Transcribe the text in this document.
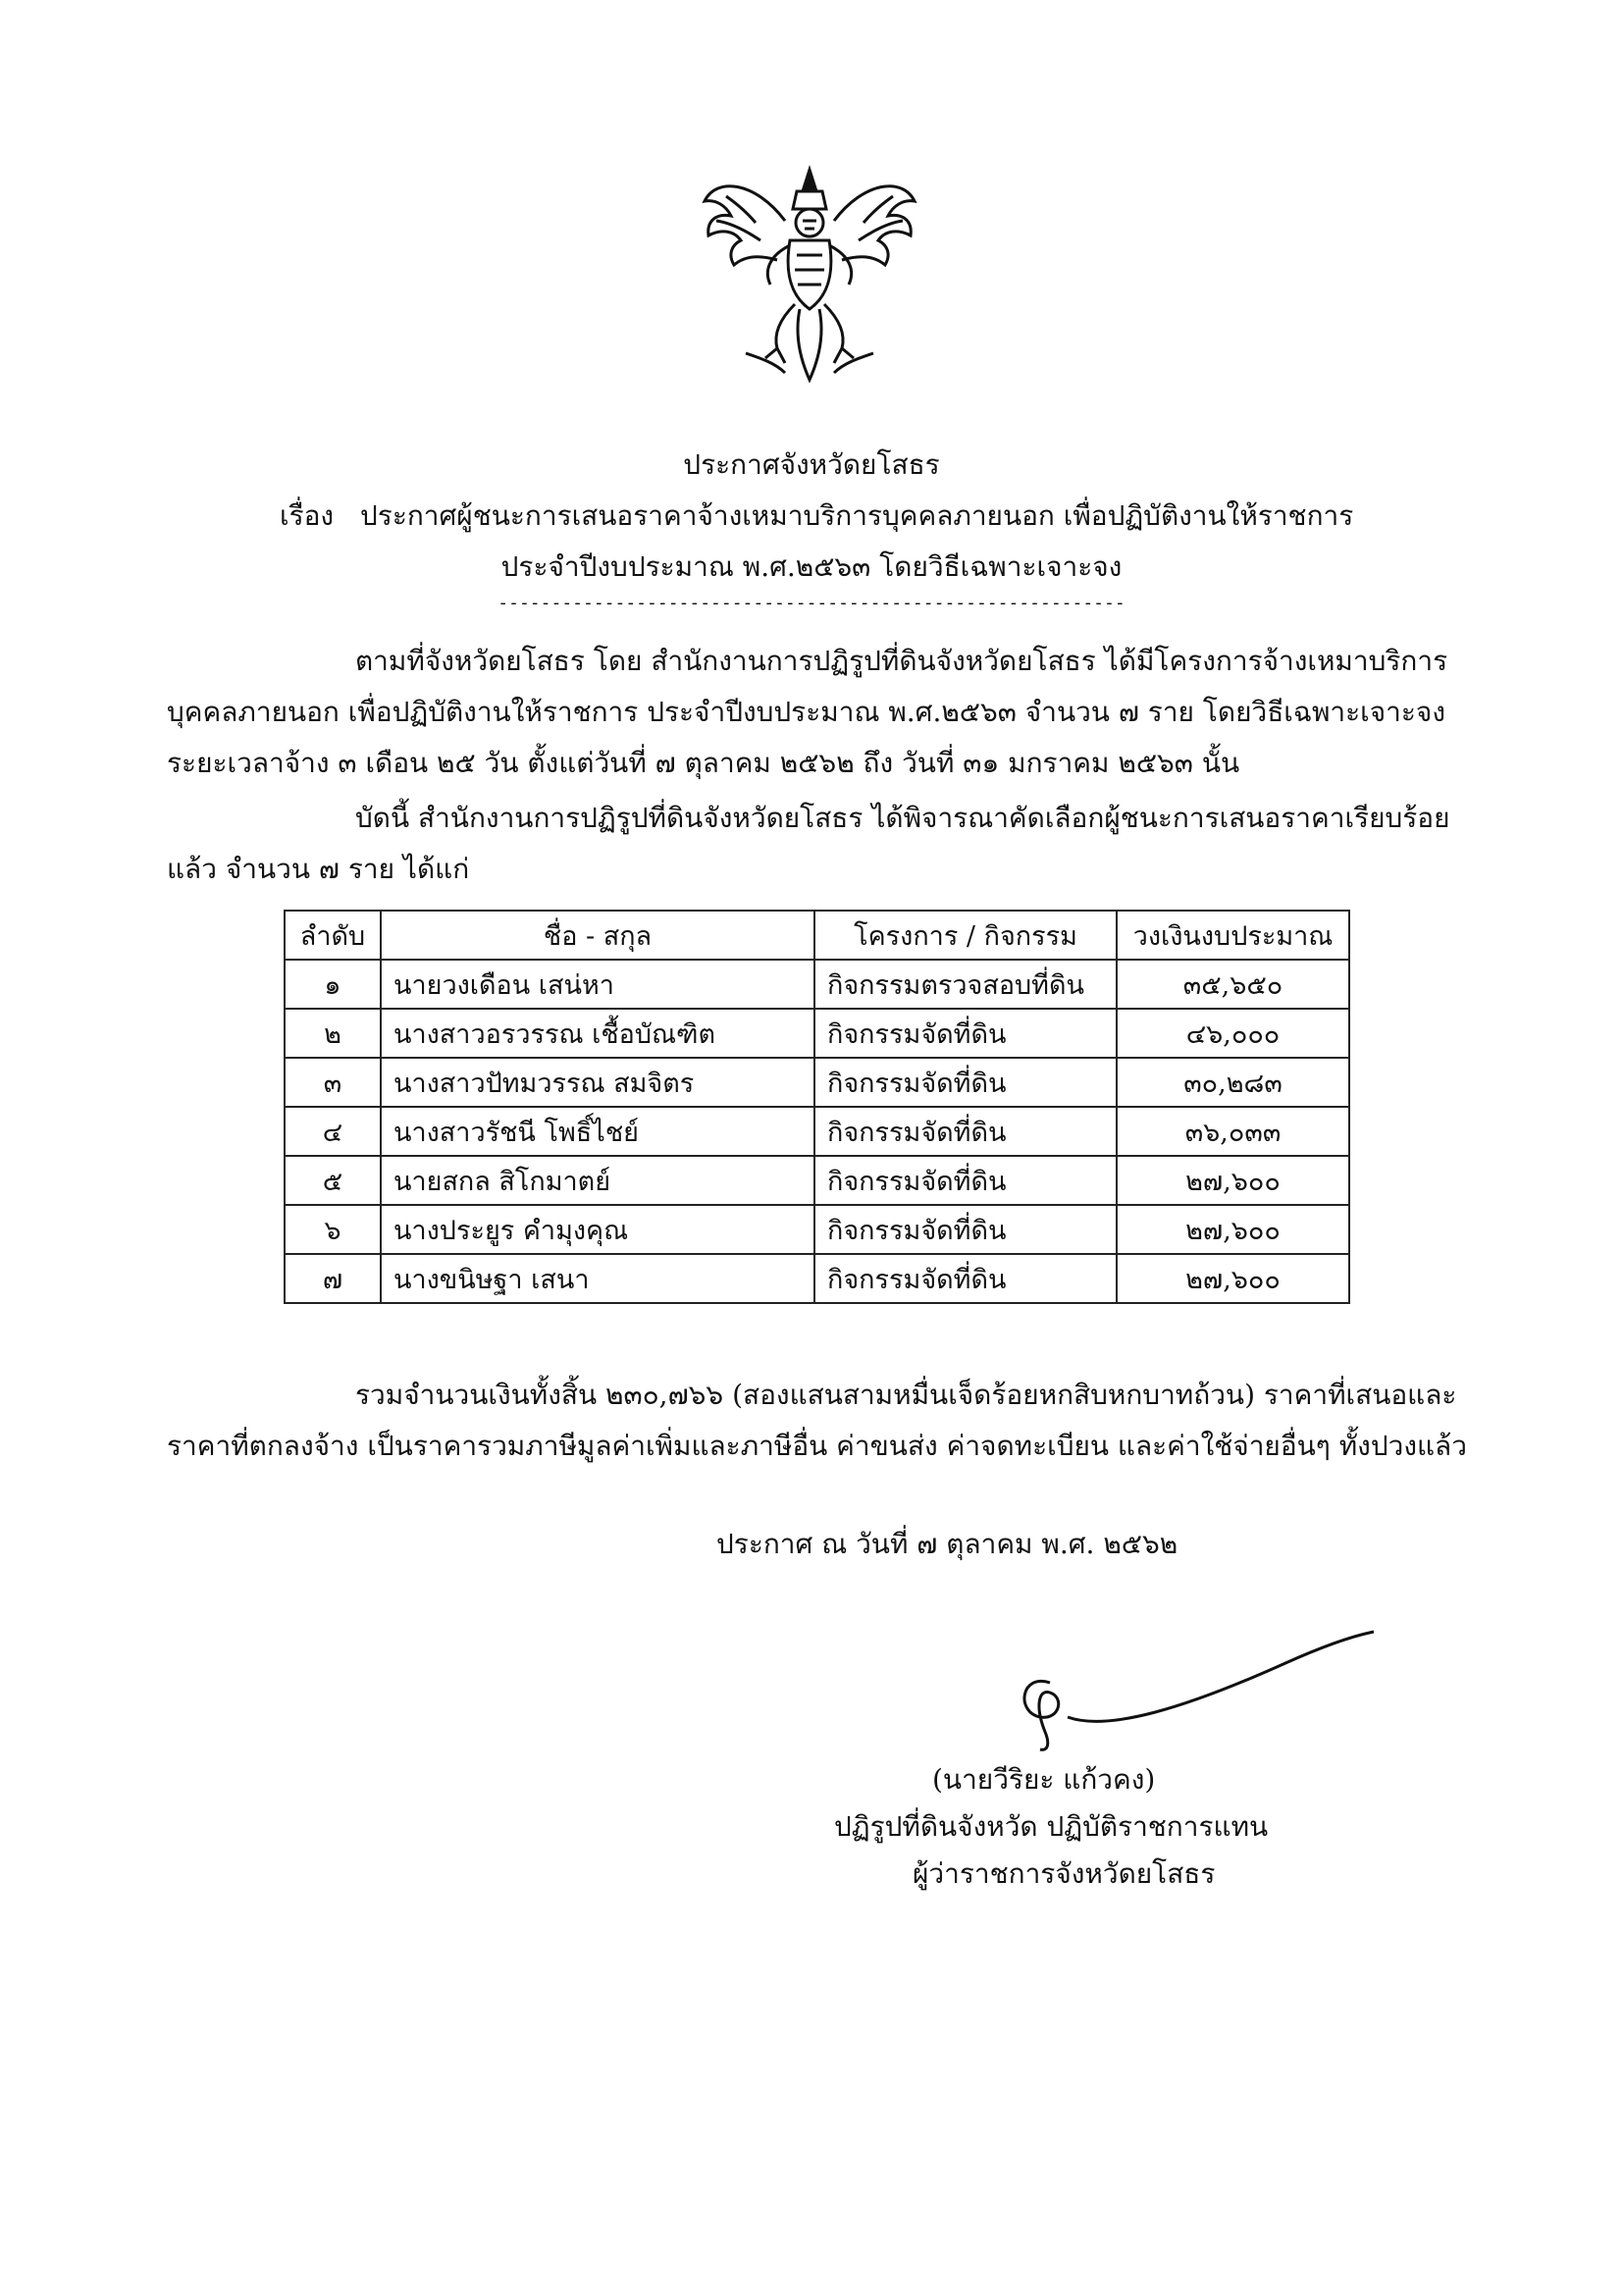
ประกาศจังหวัดยโสธร
เรื่อง ประกาศผู้ชนะการเสนอราคาจ้างเหมาบริการบุคคลภายนอก เพื่อปฏิบัติงานให้ราชการ
ประจำปีงบประมาณ พ.ศ.๒๕๖๓ โดยวิธีเฉพาะเจาะจง
-----------------------------------------------------------
ตามที่จังหวัดยโสธร โดย สำนักงานการปฏิรูปที่ดินจังหวัดยโสธร ได้มีโครงการจ้างเหมาบริการ
บุคคลภายนอก เพื่อปฏิบัติงานให้ราชการ ประจำปีงบประมาณ พ.ศ.๒๕๖๓ จำนวน ๗ ราย โดยวิธีเฉพาะเจาะจง
ระยะเวลาจ้าง ๓ เดือน ๒๕ วัน ตั้งแต่วันที่ ๗ ตุลาคม ๒๕๖๒ ถึง วันที่ ๓๑ มกราคม ๒๕๖๓ นั้น
บัดนี้ สำนักงานการปฏิรูปที่ดินจังหวัดยโสธร ได้พิจารณาคัดเลือกผู้ชนะการเสนอราคาเรียบร้อย
แล้ว จำนวน ๗ ราย ได้แก่
ลำดับ	ชื่อ - สกุล	โครงการ / กิจกรรม	วงเงินงบประมาณ
๑	นายวงเดือน เสน่หา	กิจกรรมตรวจสอบที่ดิน	๓๕,๖๕๐
๒	นางสาวอรวรรณ เชื้อบัณฑิต	กิจกรรมจัดที่ดิน	๔๖,๐๐๐
๓	นางสาวปัทมวรรณ สมจิตร	กิจกรรมจัดที่ดิน	๓๐,๒๘๓
๔	นางสาวรัชนี โพธิ์ไชย์	กิจกรรมจัดที่ดิน	๓๖,๐๓๓
๕	นายสกล สิโกมาตย์	กิจกรรมจัดที่ดิน	๒๗,๖๐๐
๖	นางประยูร คำมุงคุณ	กิจกรรมจัดที่ดิน	๒๗,๖๐๐
๗	นางขนิษฐา เสนา	กิจกรรมจัดที่ดิน	๒๗,๖๐๐
รวมจำนวนเงินทั้งสิ้น ๒๓๐,๗๖๖ (สองแสนสามหมื่นเจ็ดร้อยหกสิบหกบาทถ้วน) ราคาที่เสนอและ
ราคาที่ตกลงจ้าง เป็นราคารวมภาษีมูลค่าเพิ่มและภาษีอื่น ค่าขนส่ง ค่าจดทะเบียน และค่าใช้จ่ายอื่นๆ ทั้งปวงแล้ว
ประกาศ ณ วันที่ ๗ ตุลาคม พ.ศ. ๒๕๖๒
(นายวีริยะ แก้วคง)
ปฏิรูปที่ดินจังหวัด ปฏิบัติราชการแทน
ผู้ว่าราชการจังหวัดยโสธร
